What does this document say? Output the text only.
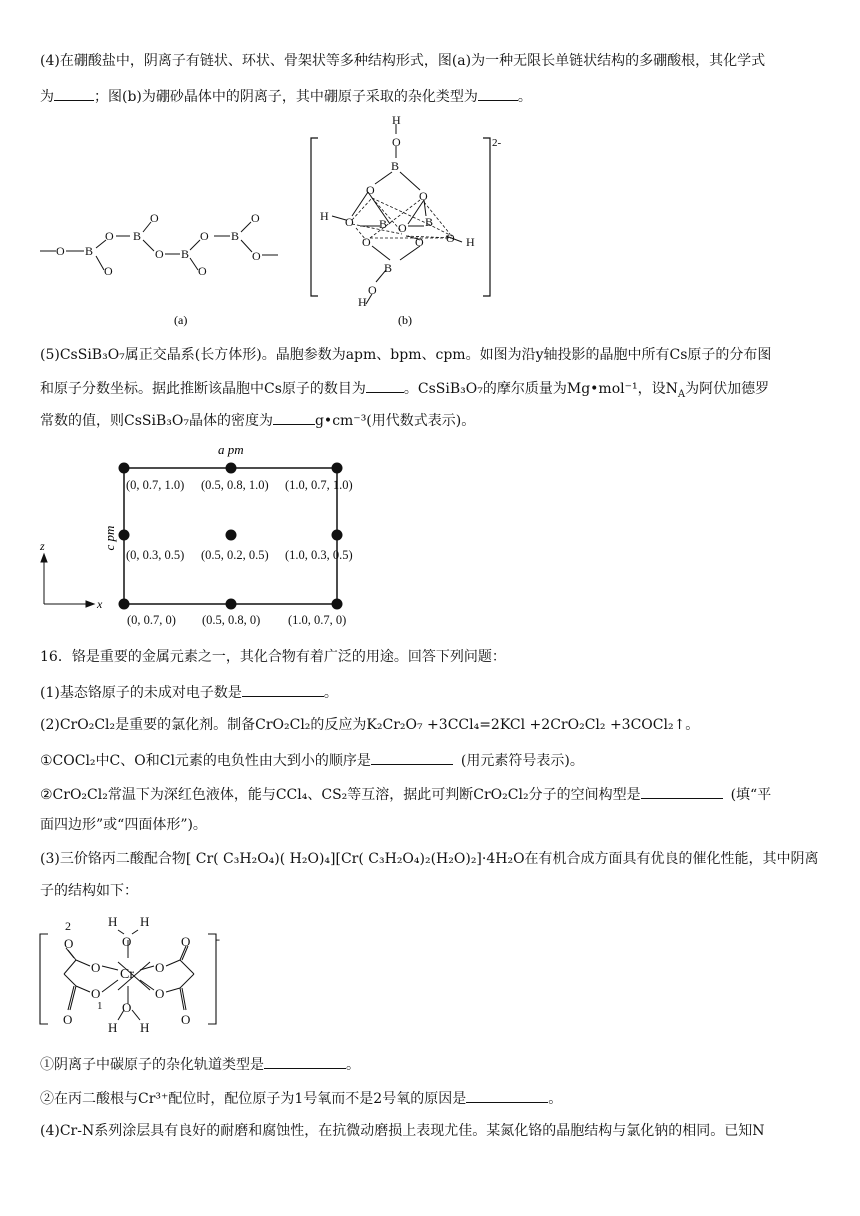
(4)在硼酸盐中，阴离子有链状、环状、骨架状等多种结构形式，图(a)为一种无限长单链状结构的多硼酸根，其化学式
为	；图(b)为硼砂晶体中的阴离子，其中硼原子采取的杂化类型为	。
O B
O
O
B
O
O B
O
O
B
O
O
(a)
2-
H
O
B
O	O
H O B O B
O	O O H
B
O
H
(b)
(5)CsSiB₃O₇属正交晶系(长方体形)。晶胞参数为apm、bpm、cpm。如图为沿y轴投影的晶胞中所有Cs原子的分布图
和原子分数坐标。据此推断该晶胞中Cs原子的数目为	。CsSiB₃O₇的摩尔质量为Mg•mol⁻¹，设$N_A$为阿伏加德罗
常数的值，则CsSiB₃O₇晶体的密度为	g•cm⁻³(用代数式表示)。
a pm
c pm
(0, 0.7, 1.0) (0.5, 0.8, 1.0) (1.0, 0.7, 1.0)
(0, 0.3, 0.5) (0.5, 0.2, 0.5) (1.0, 0.3, 0.5)
(0, 0.7, 0) (0.5, 0.8, 0) (1.0, 0.7, 0)
z
x
16．铬是重要的金属元素之一，其化合物有着广泛的用途。回答下列问题：
(1)基态铬原子的未成对电子数是	。
(2)CrO₂Cl₂是重要的氯化剂。制备CrO₂Cl₂的反应为K₂Cr₂O₇ +3CCl₄=2KCl +2CrO₂Cl₂ +3COCl₂↑。
①COCl₂中C、O和Cl元素的电负性由大到小的顺序是	(用元素符号表示)。
②CrO₂Cl₂常温下为深红色液体，能与CCl₄、CS₂等互溶，据此可判断CrO₂Cl₂分子的空间构型是	(填“平
面四边形”或“四面体形”)。
(3)三价铬丙二酸配合物[ Cr( C₃H₂O₄)( H₂O)₄][Cr( C₃H₂O₄)₂(H₂O)₂]·4H₂O在有机合成方面具有优良的催化性能，其中阴离
子的结构如下：
-
H H
O
Cr
O
O
O
O
O
H H
O
O
O
O
2
1
①阴离子中碳原子的杂化轨道类型是	。
②在丙二酸根与Cr³⁺配位时，配位原子为1号氧而不是2号氧的原因是	。
(4)Cr-N系列涂层具有良好的耐磨和腐蚀性，在抗微动磨损上表现尤佳。某氮化铬的晶胞结构与氯化钠的相同。已知N
